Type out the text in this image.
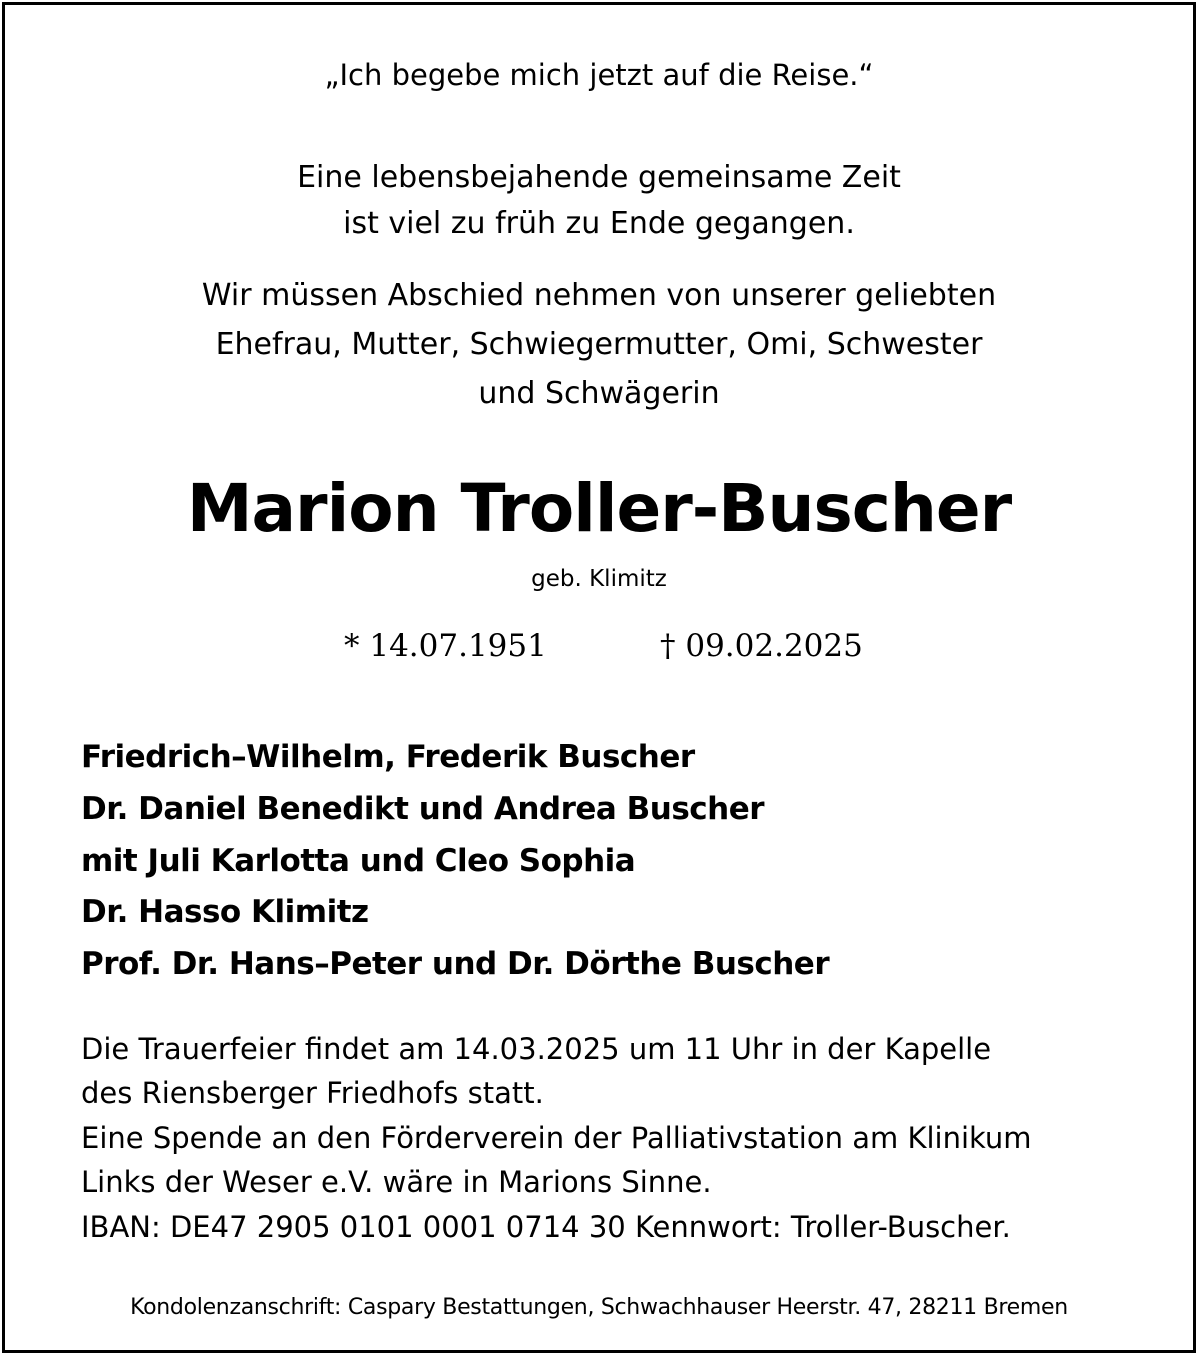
„Ich begebe mich jetzt auf die Reise.“
Eine lebensbejahende gemeinsame Zeit
ist viel zu früh zu Ende gegangen.
Wir müssen Abschied nehmen von unserer geliebten
Ehefrau, Mutter, Schwiegermutter, Omi, Schwester
und Schwägerin
Marion Troller-Buscher
geb. Klimitz
* 14.07.1951	† 09.02.2025
Friedrich–Wilhelm, Frederik Buscher
Dr. Daniel Benedikt und Andrea Buscher
mit Juli Karlotta und Cleo Sophia
Dr. Hasso Klimitz
Prof. Dr. Hans–Peter und Dr. Dörthe Buscher
Die Trauerfeier findet am 14.03.2025 um 11 Uhr in der Kapelle
des Riensberger Friedhofs statt.
Eine Spende an den Förderverein der Palliativstation am Klinikum
Links der Weser e.V. wäre in Marions Sinne.
IBAN: DE47 2905 0101 0001 0714 30 Kennwort: Troller-Buscher.
Kondolenzanschrift: Caspary Bestattungen, Schwachhauser Heerstr. 47, 28211 Bremen
